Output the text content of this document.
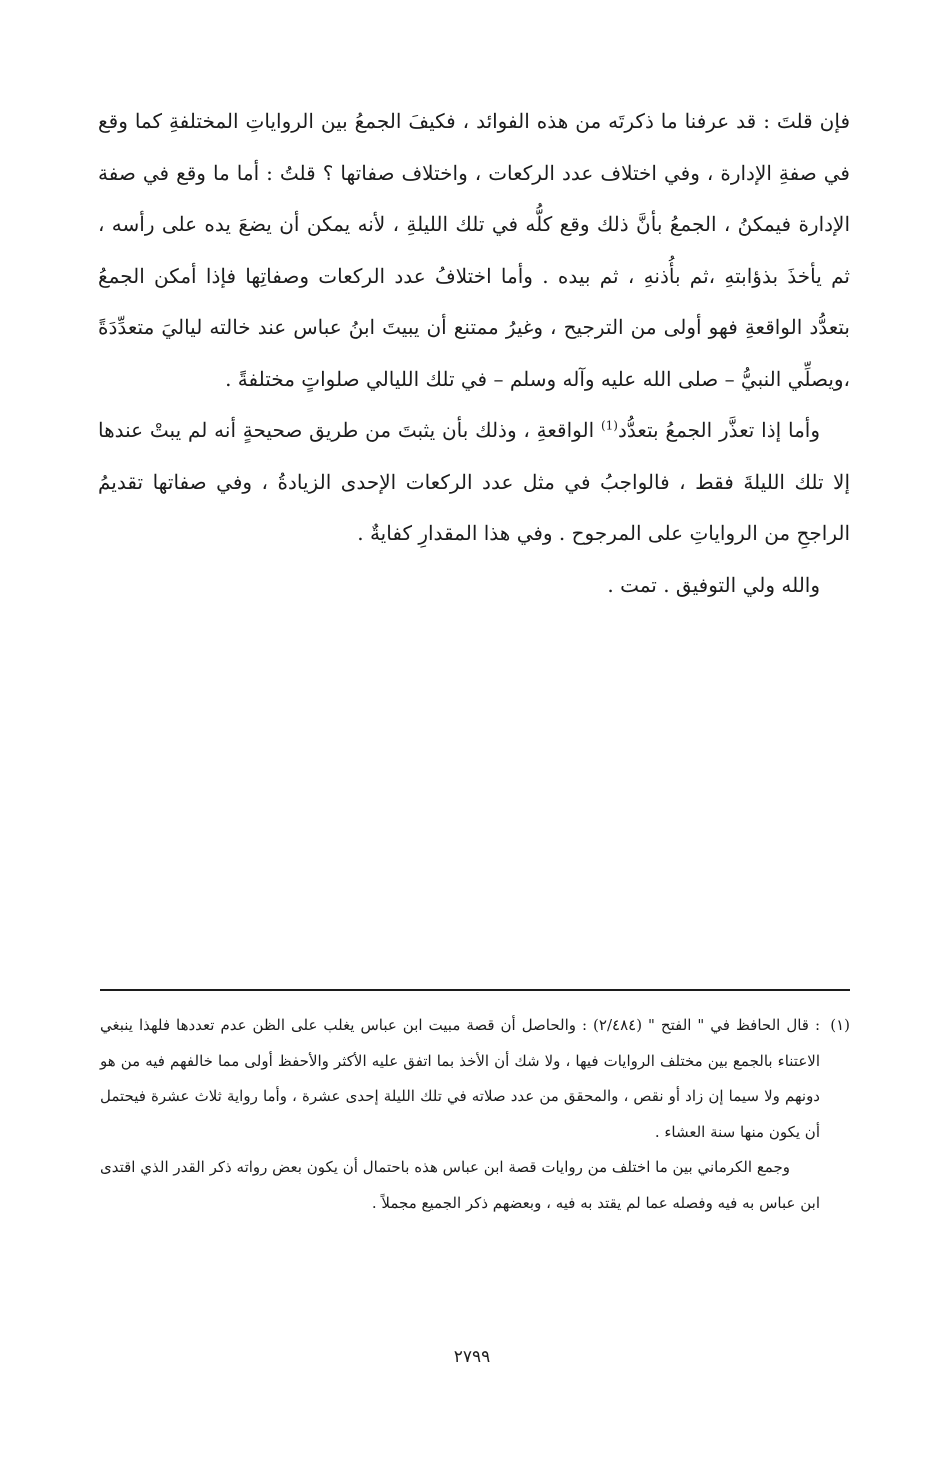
فإن قلتَ : قد عرفنا ما ذكرتَه من هذه الفوائد ، فكيفَ الجمعُ بين الرواياتِ المختلفةِ كما وقع في صفةِ الإدارة ، وفي اختلاف عدد الركعات ، واختلاف صفاتها ؟ قلتُ : أما ما وقع في صفة الإدارة فيمكنُ ، الجمعُ بأنَّ ذلك وقع كلُّه في تلك الليلةِ ، لأنه يمكن أن يضعَ يده على رأسه ، ثم يأخذَ بذؤابتهِ ،ثم بأُذنهِ ، ثم بيده . وأما اختلافُ عدد الركعات وصفاتِها فإذا أمكن الجمعُ بتعدُّد الواقعةِ فهو أولى من الترجيح ، وغيرُ ممتنع أن يبيتَ ابنُ عباس عند خالته لياليَ متعدِّدَةً ،ويصلِّي النبيُّ – صلى الله عليه وآله وسلم – في تلك الليالي صلواتٍ مختلفةً .

وأما إذا تعذَّر الجمعُ بتعدُّد$^{(1)}$ الواقعةِ ، وذلك بأن يثبتَ من طريق صحيحةٍ أنه لم يبتْ عندها إلا تلك الليلةَ فقط ، فالواجبُ في مثل عدد الركعات الإحدى الزيادةُ ، وفي صفاتها تقديمُ الراجحِ من الرواياتِ على المرجوح . وفي هذا المقدارِ كفايةٌ .

والله ولي التوفيق . تمت .

(١): قال الحافظ في " الفتح " (٢/٤٨٤) : والحاصل أن قصة مبيت ابن عباس يغلب على الظن عدم تعددها فلهذا ينبغي الاعتناء بالجمع بين مختلف الروايات فيها ، ولا شك أن الأخذ بما اتفق عليه الأكثر والأحفظ أولى مما خالفهم فيه من هو دونهم ولا سيما إن زاد أو نقص ، والمحقق من عدد صلاته في تلك الليلة إحدى عشرة ، وأما رواية ثلاث عشرة فيحتمل أن يكون منها سنة العشاء .

وجمع الكرماني بين ما اختلف من روايات قصة ابن عباس هذه باحتمال أن يكون بعض رواته ذكر القدر الذي اقتدى ابن عباس به فيه وفصله عما لم يقتد به فيه ، وبعضهم ذكر الجميع مجملاً .

٢٧٩٩
